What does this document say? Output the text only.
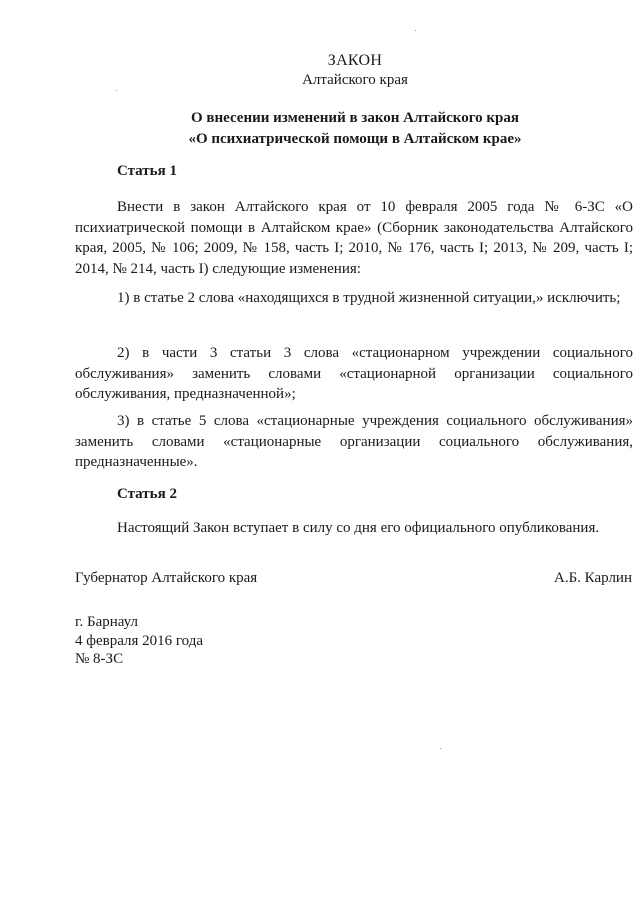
ЗАКОН
Алтайского края
О внесении изменений в закон Алтайского края
«О психиатрической помощи в Алтайском крае»
Статья 1

Внести в закон Алтайского края от 10 февраля 2005 года № 6-ЗС «О психиатрической помощи в Алтайском крае» (Сборник законодательства Алтайского края, 2005, № 106; 2009, № 158, часть I; 2010, № 176, часть I; 2013, № 209, часть I; 2014, № 214, часть I) следующие изменения:

1) в статье 2 слова «находящихся в трудной жизненной ситуации,» исключить;

2) в части 3 статьи 3 слова «стационарном учреждении социального обслуживания» заменить словами «стационарной организации социального обслуживания, предназначенной»;

3) в статье 5 слова «стационарные учреждения социального обслуживания» заменить словами «стационарные организации социального обслуживания, предназначенные».

Статья 2

Настоящий Закон вступает в силу со дня его официального опубликования.

Губернатор Алтайского края	А.Б. Карлин
г. Барнаул
4 февраля 2016 года
№ 8-ЗС
